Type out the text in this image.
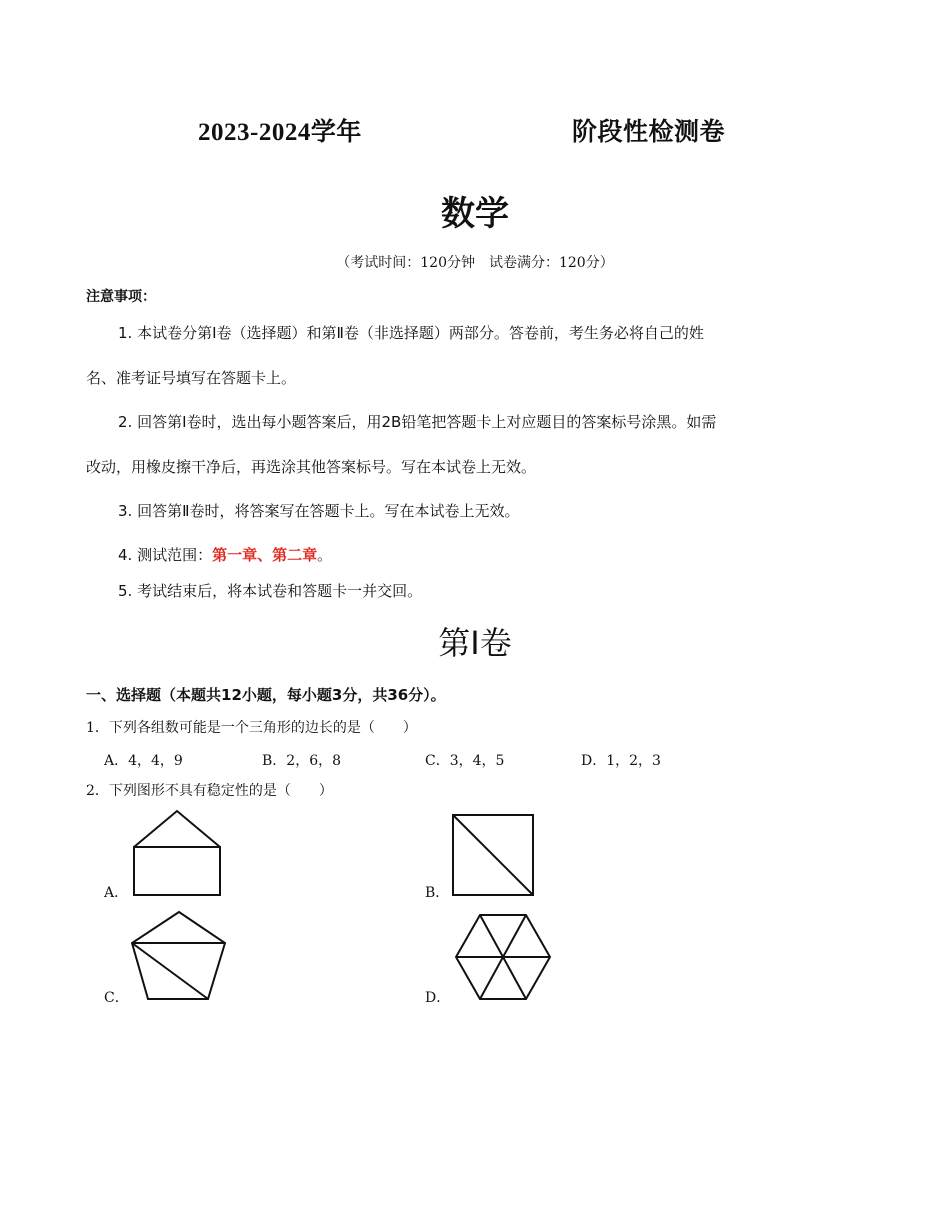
2023-2024学年	阶段性检测卷
数学
（考试时间：120分钟　试卷满分：120分）
注意事项：
1. 本试卷分第Ⅰ卷（选择题）和第Ⅱ卷（非选择题）两部分。答卷前，考生务必将自己的姓
名、准考证号填写在答题卡上。
2. 回答第Ⅰ卷时，选出每小题答案后，用2B铅笔把答题卡上对应题目的答案标号涂黑。如需
改动，用橡皮擦干净后，再选涂其他答案标号。写在本试卷上无效。
3. 回答第Ⅱ卷时，将答案写在答题卡上。写在本试卷上无效。
4. 测试范围：第一章、第二章。
5. 考试结束后，将本试卷和答题卡一并交回。
第Ⅰ卷
一、选择题（本题共12小题，每小题3分，共36分）。
1．下列各组数可能是一个三角形的边长的是（　　）
A．4，4，9	B．2，6，8	C．3，4，5	D．1，2，3
2．下列图形不具有稳定性的是（　　）
A．	B．
C．	D．
